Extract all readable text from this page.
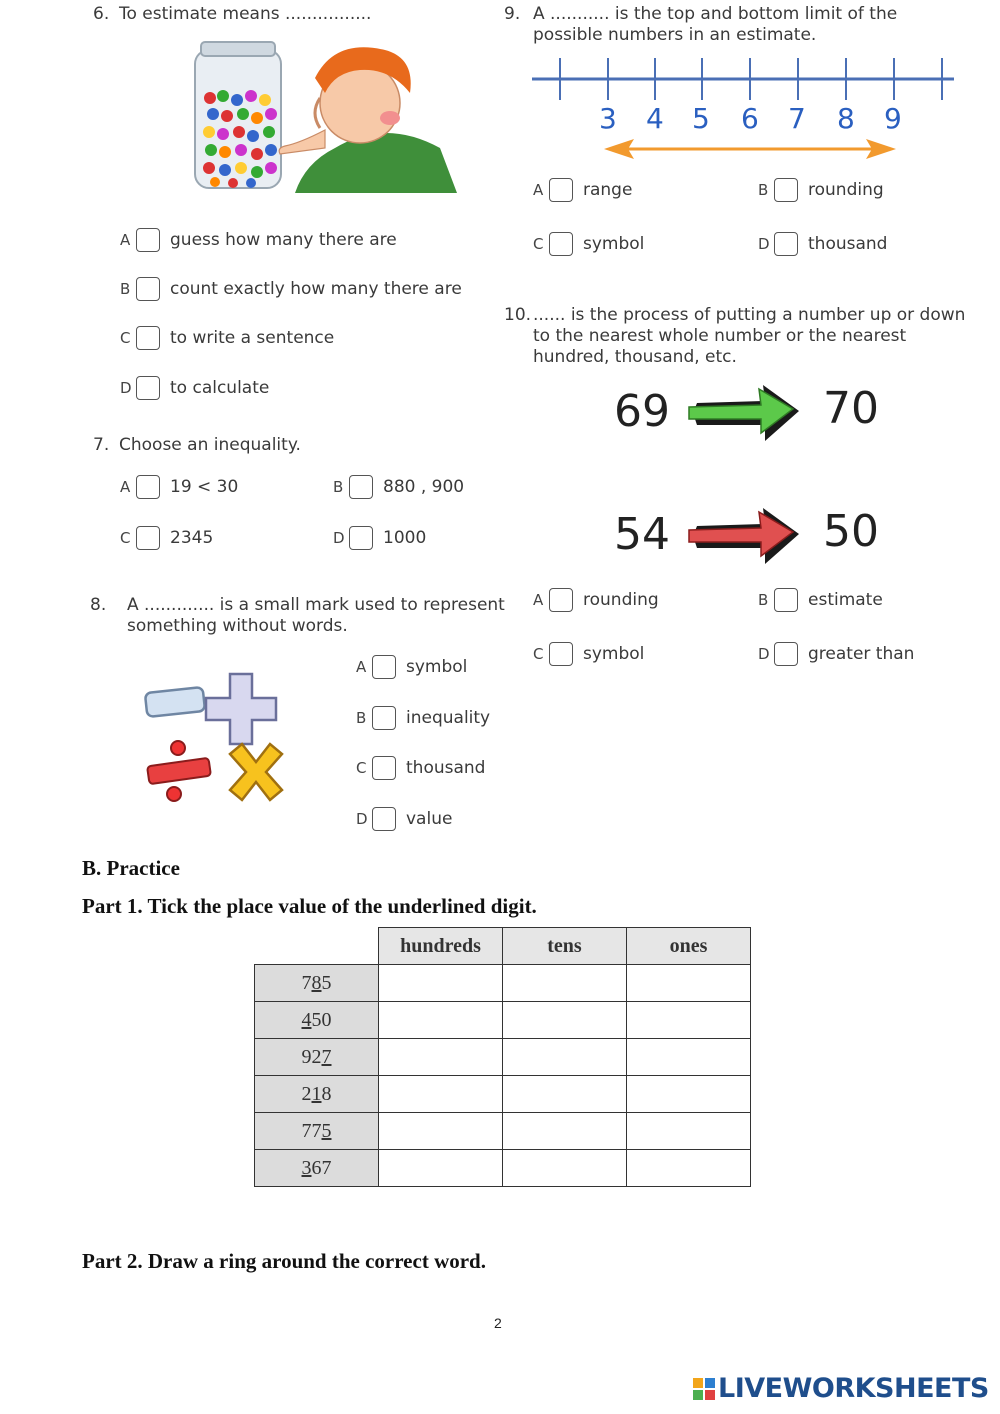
6. To estimate means ................
A	guess how many there are
B	count exactly how many there are
C	to write a sentence
D to calculate
7. Choose an inequality.
A	19 < 30	B	880 , 900
C	2345	D 1000
8. A ............. is a small mark used to represent
something without words.
A	symbol
B	inequality
C	thousand
D value
9. A ........... is the top and bottom limit of the
possible numbers in an estimate.
3 4 5 6 7 8 9
A	range	B	rounding
C	symbol	D thousand
10. ...... is the process of putting a number up or down
to the nearest whole number or the nearest
hundred, thousand, etc.
69	70
54	50
A	rounding	B	estimate
C	symbol	D greater than
B. Practice
Part 1. Tick the place value of the underlined digit.
	hundreds	tens	ones
785			
450			
927			
218			
775			
367			
Part 2. Draw a ring around the correct word.
2
LIVEWORKSHEETS
